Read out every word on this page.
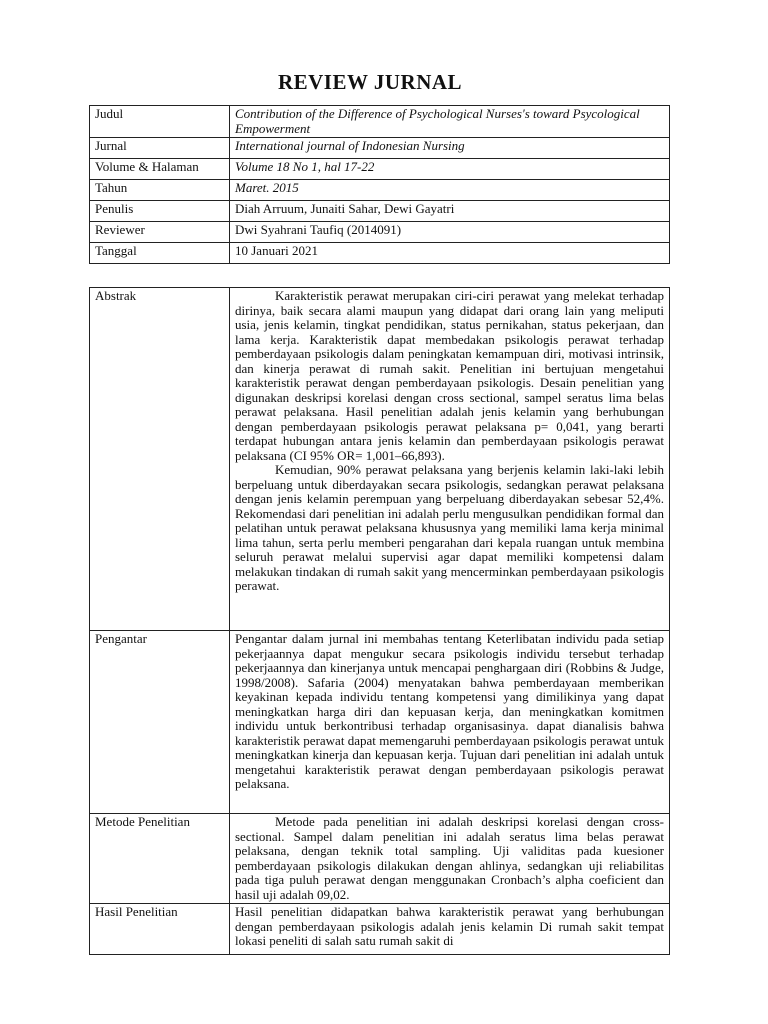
REVIEW JURNAL
Judul	Contribution of the Difference of Psychological Nurses's toward Psycological Empowerment
Jurnal	International journal of Indonesian Nursing
Volume & Halaman	Volume 18 No 1, hal 17-22
Tahun	Maret. 2015
Penulis	Diah Arruum, Junaiti Sahar, Dewi Gayatri
Reviewer	Dwi Syahrani Taufiq (2014091)
Tanggal	10 Januari 2021
Abstrak	Karakteristik perawat merupakan ciri-ciri perawat yang melekat terhadap dirinya, baik secara alami maupun yang didapat dari orang lain yang meliputi usia, jenis kelamin, tingkat pendidikan, status pernikahan, status pekerjaan, dan lama kerja. Karakteristik dapat membedakan psikologis perawat terhadap pemberdayaan psikologis dalam peningkatan kemampuan diri, motivasi intrinsik, dan kinerja perawat di rumah sakit. Penelitian ini bertujuan mengetahui karakteristik perawat dengan pemberdayaan psikologis. Desain penelitian yang digunakan deskripsi korelasi dengan cross sectional, sampel seratus lima belas perawat pelaksana. Hasil penelitian adalah jenis kelamin yang berhubungan dengan pemberdayaan psikologis perawat pelaksana p= 0,041, yang berarti terdapat hubungan antara jenis kelamin dan pemberdayaan psikologis perawat pelaksana (CI 95% OR= 1,001–66,893).

Kemudian, 90% perawat pelaksana yang berjenis kelamin laki-laki lebih berpeluang untuk diberdayakan secara psikologis, sedangkan perawat pelaksana dengan jenis kelamin perempuan yang berpeluang diberdayakan sebesar 52,4%. Rekomendasi dari penelitian ini adalah perlu mengusulkan pendidikan formal dan pelatihan untuk perawat pelaksana khususnya yang memiliki lama kerja minimal lima tahun, serta perlu memberi pengarahan dari kepala ruangan untuk membina seluruh perawat melalui supervisi agar dapat memiliki kompetensi dalam melakukan tindakan di rumah sakit yang mencerminkan pemberdayaan psikologis perawat.

Pengantar	Pengantar dalam jurnal ini membahas tentang Keterlibatan individu pada setiap pekerjaannya dapat mengukur secara psikologis individu tersebut terhadap pekerjaannya dan kinerjanya untuk mencapai penghargaan diri (Robbins & Judge, 1998/2008). Safaria (2004) menyatakan bahwa pemberdayaan memberikan keyakinan kepada individu tentang kompetensi yang dimilikinya yang dapat meningkatkan harga diri dan kepuasan kerja, dan meningkatkan komitmen individu untuk berkontribusi terhadap organisasinya. dapat dianalisis bahwa karakteristik perawat dapat memengaruhi pemberdayaan psikologis perawat untuk meningkatkan kinerja dan kepuasan kerja. Tujuan dari penelitian ini adalah untuk mengetahui karakteristik perawat dengan pemberdayaan psikologis perawat pelaksana.

Metode Penelitian	Metode pada penelitian ini adalah deskripsi korelasi dengan cross-sectional. Sampel dalam penelitian ini adalah seratus lima belas perawat pelaksana, dengan teknik total sampling. Uji validitas pada kuesioner pemberdayaan psikologis dilakukan dengan ahlinya, sedangkan uji reliabilitas pada tiga puluh perawat dengan menggunakan Cronbach’s alpha coeficient dan hasil uji adalah 09,02.

Hasil Penelitian	Hasil penelitian didapatkan bahwa karakteristik perawat yang berhubungan dengan pemberdayaan psikologis adalah jenis kelamin Di rumah sakit tempat lokasi peneliti di salah satu rumah sakit di
